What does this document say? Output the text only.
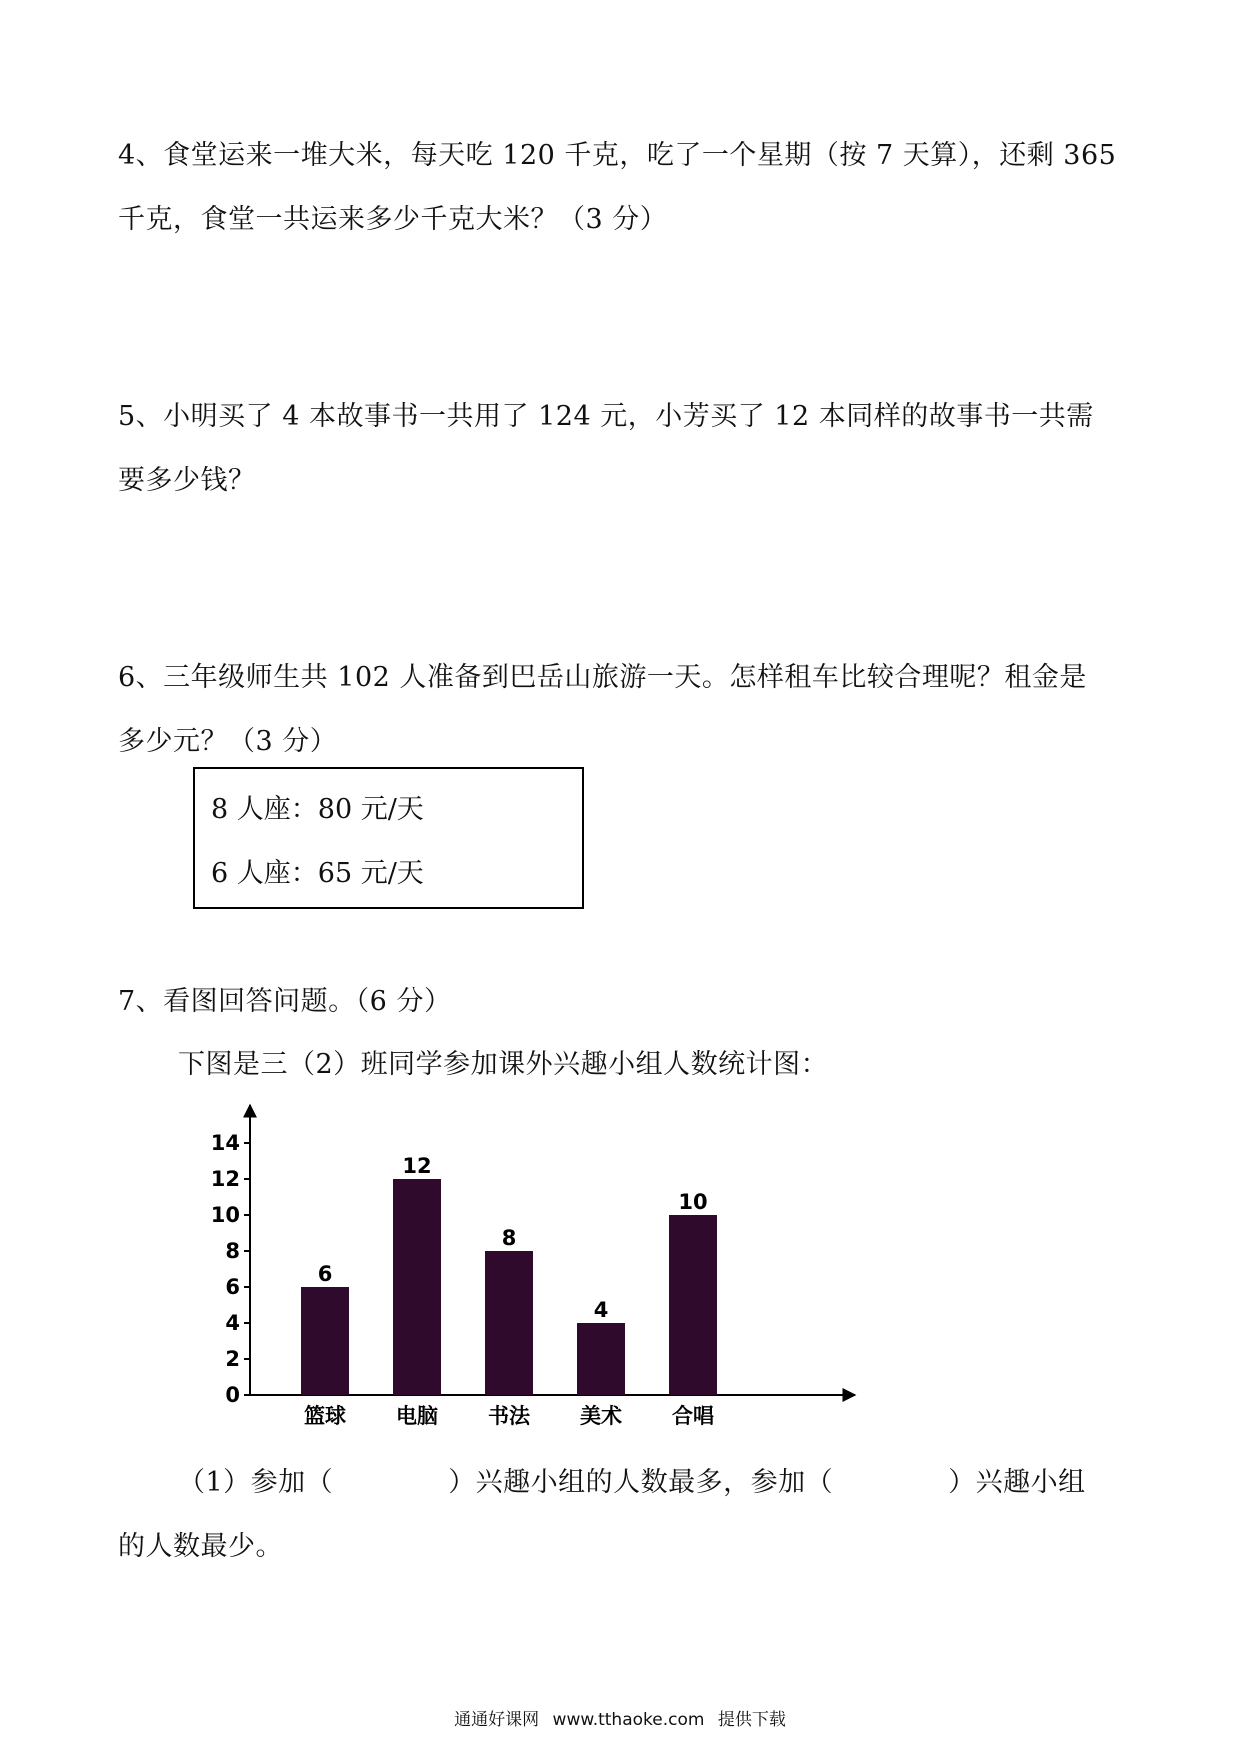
4、食堂运来一堆大米，每天吃 120 千克，吃了一个星期（按 7 天算），还剩 365
千克，食堂一共运来多少千克大米？（3 分）
5、小明买了 4 本故事书一共用了 124 元，小芳买了 12 本同样的故事书一共需
要多少钱？
6、三年级师生共 102 人准备到巴岳山旅游一天。怎样租车比较合理呢？租金是
多少元？（3 分）
8 人座：80 元/天
6 人座：65 元/天
7、看图回答问题。（6 分）
下图是三（2）班同学参加课外兴趣小组人数统计图：
0
2
4
6
8
10
12
14
6
篮球
12
电脑
8
书法
4
美术
10
合唱
（1）参加（	）兴趣小组的人数最多，参加（	）兴趣小组
的人数最少。
通通好课网 www.tthaoke.com 提供下载
